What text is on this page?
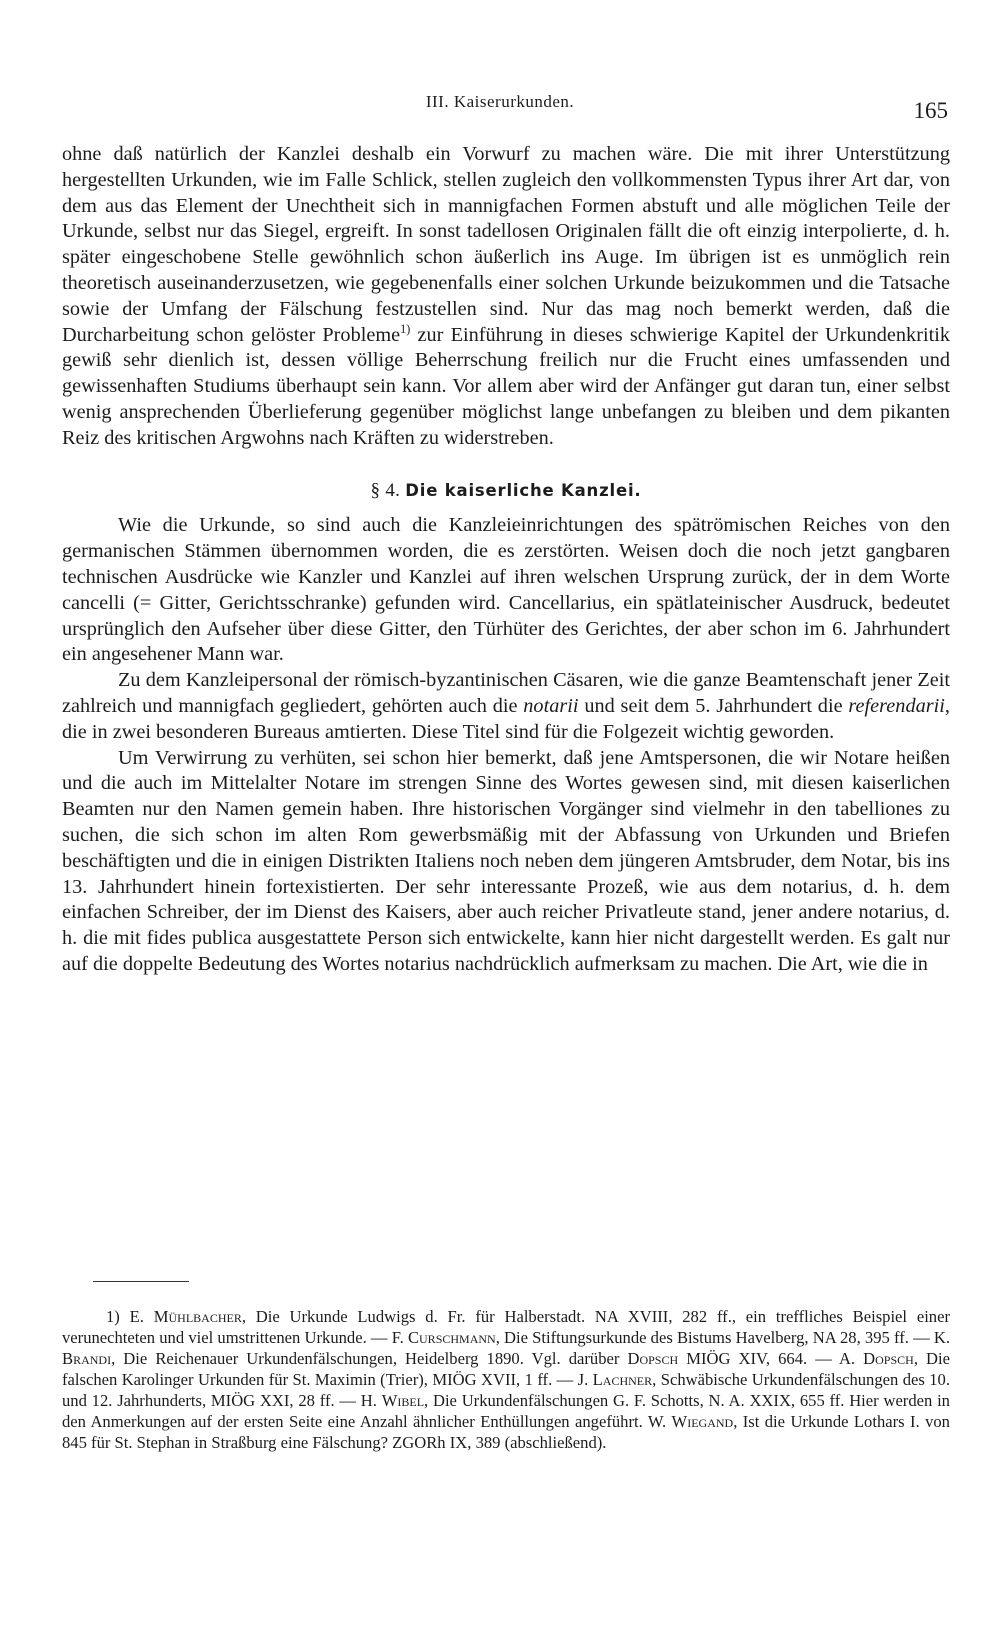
III. Kaiserurkunden.	165

ohne daß natürlich der Kanzlei deshalb ein Vorwurf zu machen wäre. Die mit ihrer Unterstützung hergestellten Urkunden, wie im Falle Schlick, stellen zugleich den vollkommensten Typus ihrer Art dar, von dem aus das Element der Unechtheit sich in mannigfachen Formen abstuft und alle möglichen Teile der Urkunde, selbst nur das Siegel, ergreift. In sonst tadellosen Originalen fällt die oft einzig interpolierte, d. h. später eingeschobene Stelle gewöhnlich schon äußerlich ins Auge. Im übrigen ist es unmöglich rein theoretisch auseinanderzusetzen, wie gegebenenfalls einer solchen Urkunde beizukommen und die Tatsache sowie der Umfang der Fälschung festzustellen sind. Nur das mag noch bemerkt werden, daß die Durcharbeitung schon gelöster Probleme$^{1)}$ zur Einführung in dieses schwierige Kapitel der Urkundenkritik gewiß sehr dienlich ist, dessen völlige Beherrschung freilich nur die Frucht eines umfassenden und gewissenhaften Studiums überhaupt sein kann. Vor allem aber wird der Anfänger gut daran tun, einer selbst wenig ansprechenden Überlieferung gegenüber möglichst lange unbefangen zu bleiben und dem pikanten Reiz des kritischen Argwohns nach Kräften zu widerstreben.

§ 4. Die kaiserliche Kanzlei.

Wie die Urkunde, so sind auch die Kanzleieinrichtungen des spätrömischen Reiches von den germanischen Stämmen übernommen worden, die es zerstörten. Weisen doch die noch jetzt gangbaren technischen Ausdrücke wie Kanzler und Kanzlei auf ihren welschen Ursprung zurück, der in dem Worte cancelli (= Gitter, Gerichtsschranke) gefunden wird. Cancellarius, ein spätlateinischer Ausdruck, bedeutet ursprünglich den Aufseher über diese Gitter, den Türhüter des Gerichtes, der aber schon im 6. Jahrhundert ein angesehener Mann war.

Zu dem Kanzleipersonal der römisch-byzantinischen Cäsaren, wie die ganze Beamtenschaft jener Zeit zahlreich und mannigfach gegliedert, gehörten auch die notarii und seit dem 5. Jahrhundert die referendarii, die in zwei besonderen Bureaus amtierten. Diese Titel sind für die Folgezeit wichtig geworden.

Um Verwirrung zu verhüten, sei schon hier bemerkt, daß jene Amtspersonen, die wir Notare heißen und die auch im Mittelalter Notare im strengen Sinne des Wortes gewesen sind, mit diesen kaiserlichen Beamten nur den Namen gemein haben. Ihre historischen Vorgänger sind vielmehr in den tabelliones zu suchen, die sich schon im alten Rom gewerbsmäßig mit der Abfassung von Urkunden und Briefen beschäftigten und die in einigen Distrikten Italiens noch neben dem jüngeren Amtsbruder, dem Notar, bis ins 13. Jahrhundert hinein fortexistierten. Der sehr interessante Prozeß, wie aus dem notarius, d. h. dem einfachen Schreiber, der im Dienst des Kaisers, aber auch reicher Privatleute stand, jener andere notarius, d. h. die mit fides publica ausgestattete Person sich entwickelte, kann hier nicht dargestellt werden. Es galt nur auf die doppelte Bedeutung des Wortes notarius nachdrücklich aufmerksam zu machen. Die Art, wie die in

1) E. Mühlbacher, Die Urkunde Ludwigs d. Fr. für Halberstadt. NA XVIII, 282 ff., ein treffliches Beispiel einer verunechteten und viel umstrittenen Urkunde. — F. Curschmann, Die Stiftungsurkunde des Bistums Havelberg, NA 28, 395 ff. — K. Brandi, Die Reichenauer Urkundenfälschungen, Heidelberg 1890. Vgl. darüber Dopsch MIÖG XIV, 664. — A. Dopsch, Die falschen Karolinger Urkunden für St. Maximin (Trier), MIÖG XVII, 1 ff. — J. Lachner, Schwäbische Urkundenfälschungen des 10. und 12. Jahrhunderts, MIÖG XXI, 28 ff. — H. Wibel, Die Urkundenfälschungen G. F. Schotts, N. A. XXIX, 655 ff. Hier werden in den Anmerkungen auf der ersten Seite eine Anzahl ähnlicher Enthüllungen angeführt. W. Wiegand, Ist die Urkunde Lothars I. von 845 für St. Stephan in Straßburg eine Fälschung? ZGORh IX, 389 (abschließend).
